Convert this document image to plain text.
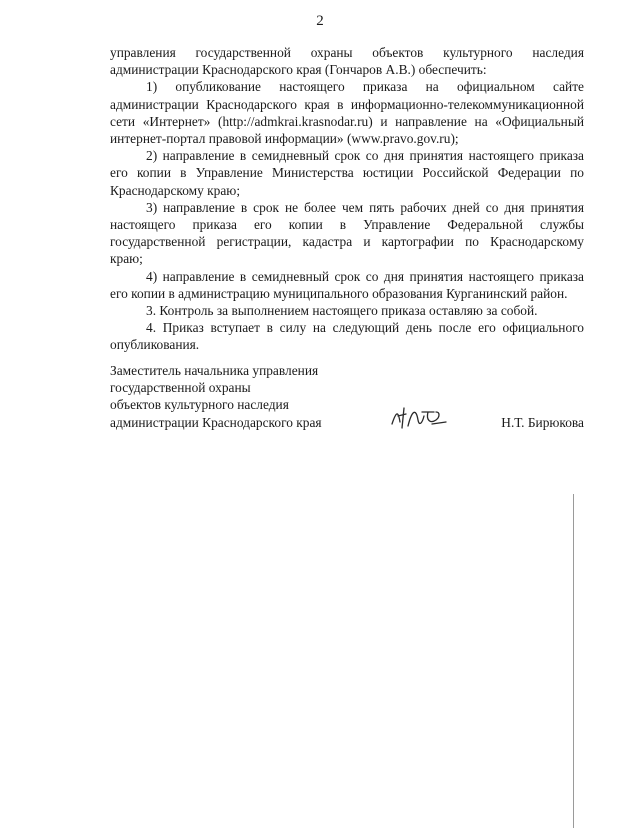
2

управления государственной охраны объектов культурного наследия

администрации Краснодарского края (Гончаров А.В.) обеспечить:

1) опубликование настоящего приказа на официальном сайте

администрации Краснодарского края в информационно-телекоммуникационной

сети «Интернет» (http://admkrai.krasnodar.ru) и направление на «Официальный

интернет-портал правовой информации» (www.pravo.gov.ru);

2) направление в семидневный срок со дня принятия настоящего приказа

его копии в Управление Министерства юстиции Российской Федерации по

Краснодарскому краю;

3) направление в срок не более чем пять рабочих дней со дня принятия

настоящего приказа его копии в Управление Федеральной службы

государственной регистрации, кадастра и картографии по Краснодарскому

краю;

4) направление в семидневный срок со дня принятия настоящего приказа

его копии в администрацию муниципального образования Курганинский район.

3. Контроль за выполнением настоящего приказа оставляю за собой.

4. Приказ вступает в силу на следующий день после его официального

опубликования.

Заместитель начальника управления
государственной охраны
объектов культурного наследия
администрации Краснодарского края	Н.Т. Бирюкова
